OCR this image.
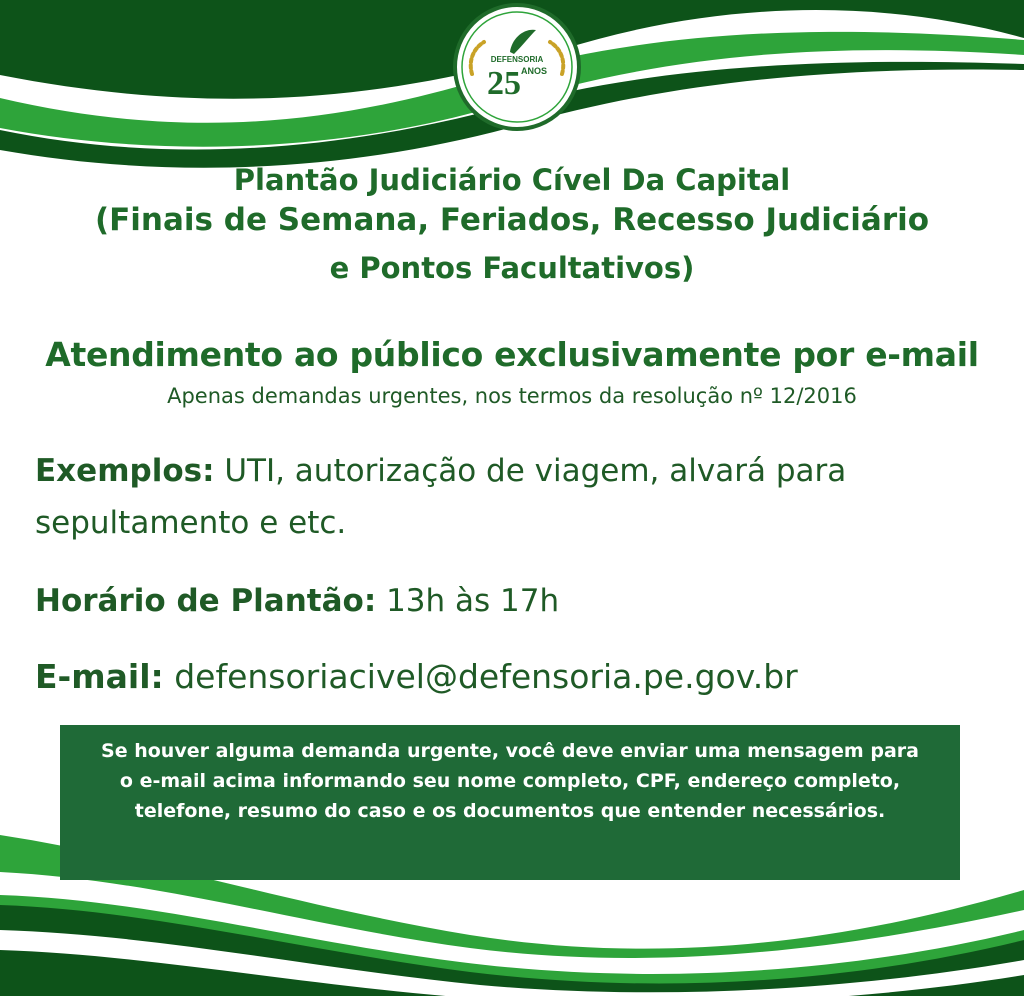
DEFENSORIA
25 ANOS
Plantão Judiciário Cível Da Capital
(Finais de Semana, Feriados, Recesso Judiciário
e Pontos Facultativos)
Atendimento ao público exclusivamente por e-mail
Apenas demandas urgentes, nos termos da resolução nº 12/2016
Exemplos: UTI, autorização de viagem, alvará para
sepultamento e etc.
Horário de Plantão: 13h às 17h
E-mail: defensoriacivel@defensoria.pe.gov.br
Se houver alguma demanda urgente, você deve enviar uma mensagem para o e-mail acima informando seu nome completo, CPF, endereço completo, telefone, resumo do caso e os documentos que entender necessários.
